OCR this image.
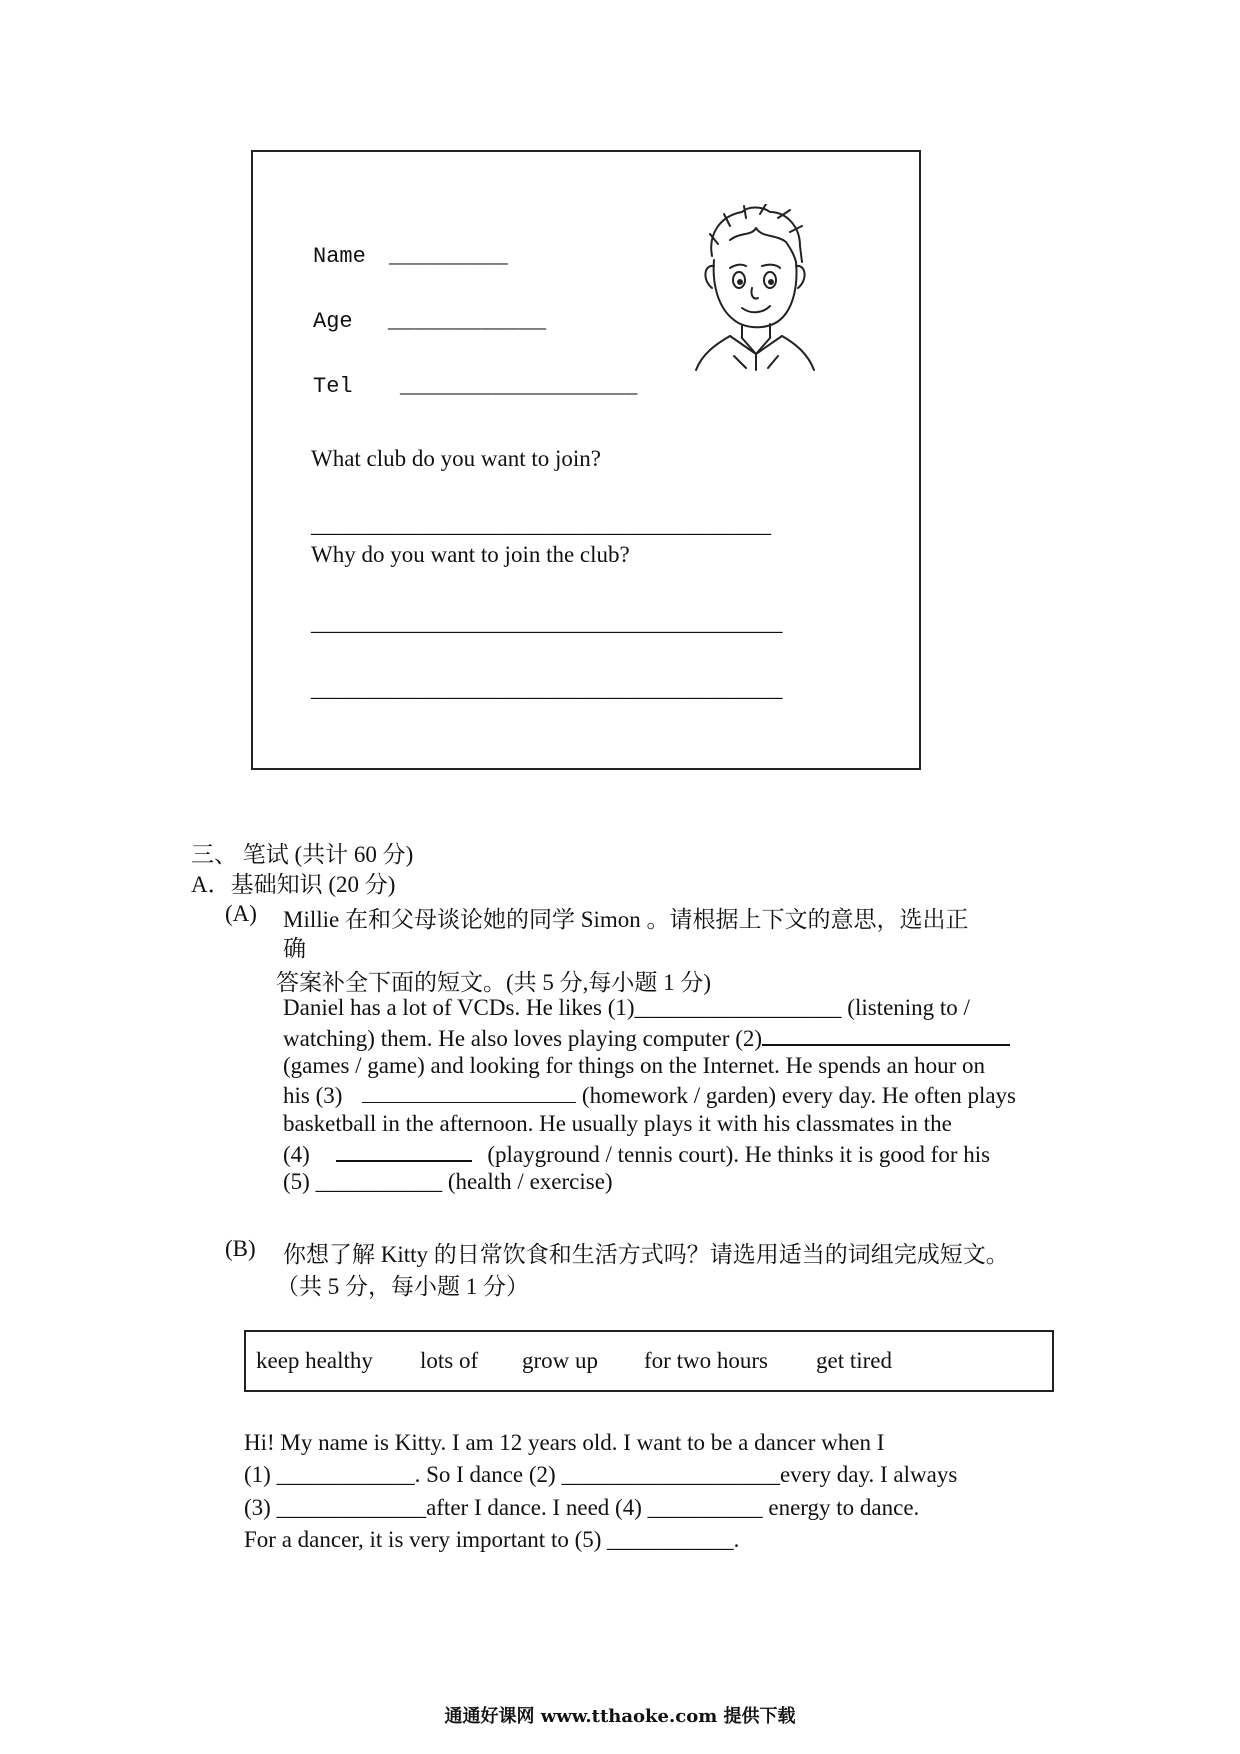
Name _________
Age ____________
Tel __________________
What club do you want to join?
________________________________________
Why do you want to join the club?
_________________________________________
_________________________________________
三、 笔试 (共计 60 分)
A．基础知识 (20 分)
(A) Millie 在和父母谈论她的同学 Simon 。请根据上下文的意思，选出正
确
答案补全下面的短文。(共 5 分,每小题 1 分)
Daniel has a lot of VCDs. He likes (1)__________________ (listening to /
watching) them. He also loves playing computer (2)
(games / game) and looking for things on the Internet. He spends an hour on
his (3)	(homework / garden) every day. He often plays
basketball in the afternoon. He usually plays it with his classmates in the
(4)	(playground / tennis court). He thinks it is good for his
(5) ___________ (health / exercise)
(B) 你想了解 Kitty 的日常饮食和生活方式吗？请选用适当的词组完成短文。
（共 5 分，每小题 1 分）
keep healthy lots of grow up for two hours get tired
Hi! My name is Kitty. I am 12 years old. I want to be a dancer when I
(1) ____________. So I dance (2) ___________________every day. I always
(3) _____________after I dance. I need (4) __________ energy to dance.
For a dancer, it is very important to (5) ___________.
通通好课网 www.tthaoke.com 提供下载
